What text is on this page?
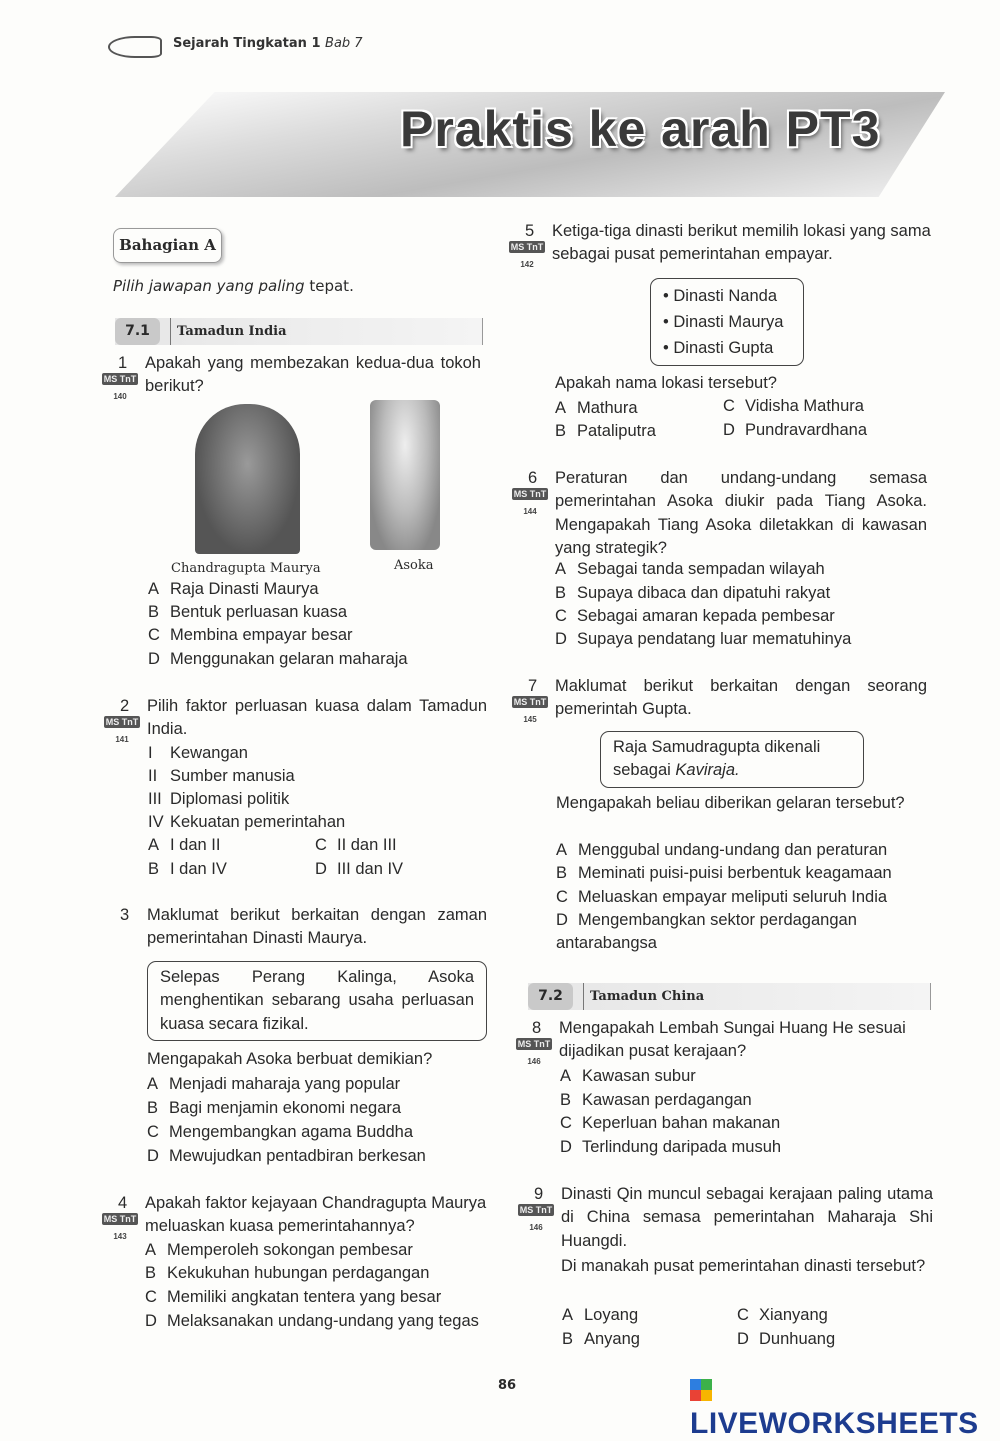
Sejarah Tingkatan 1 Bab 7
Praktis ke arah PT3
Bahagian A
Pilih jawapan yang paling tepat.
7.1	Tamadun India
1 Apakah yang membezakan kedua-dua tokoh berikut?
MS TnT
140
Chandragupta Maurya	Asoka
A Raja Dinasti Maurya
B Bentuk perluasan kuasa
C Membina empayar besar
D Menggunakan gelaran maharaja
2 Pilih faktor perluasan kuasa dalam Tamadun India.
MS TnT
141
I Kewangan
II Sumber manusia
III Diplomasi politik
IV Kekuatan pemerintahan
A I dan II
B I dan IV
C II dan III
D III dan IV
3 Maklumat berikut berkaitan dengan zaman pemerintahan Dinasti Maurya.
Selepas Perang Kalinga, Asoka menghentikan sebarang usaha perluasan kuasa secara fizikal.
Mengapakah Asoka berbuat demikian?
A Menjadi maharaja yang popular
B Bagi menjamin ekonomi negara
C Mengembangkan agama Buddha
D Mewujudkan pentadbiran berkesan
4 Apakah faktor kejayaan Chandragupta Maurya meluaskan kuasa pemerintahannya?
MS TnT
143
A Memperoleh sokongan pembesar
B Kekukuhan hubungan perdagangan
C Memiliki angkatan tentera yang besar
D Melaksanakan undang-undang yang tegas
5 Ketiga-tiga dinasti berikut memilih lokasi yang sama sebagai pusat pemerintahan empayar.
MS TnT
142
• Dinasti Nanda
• Dinasti Maurya
• Dinasti Gupta
Apakah nama lokasi tersebut?
A Mathura
B Pataliputra
C Vidisha Mathura
D Pundravardhana
6 Peraturan dan undang-undang semasa pemerintahan Asoka diukir pada Tiang Asoka. Mengapakah Tiang Asoka diletakkan di kawasan yang strategik?
MS TnT
144
A Sebagai tanda sempadan wilayah
B Supaya dibaca dan dipatuhi rakyat
C Sebagai amaran kepada pembesar
D Supaya pendatang luar mematuhinya
7 Maklumat berikut berkaitan dengan seorang pemerintah Gupta.
MS TnT
145
Raja Samudragupta dikenali sebagai Kaviraja.
Mengapakah beliau diberikan gelaran tersebut?
A Menggubal undang-undang dan peraturan
B Meminati puisi-puisi berbentuk keagamaan
C Meluaskan empayar meliputi seluruh India
D Mengembangkan sektor perdagangan antarabangsa
7.2	Tamadun China
8 Mengapakah Lembah Sungai Huang He sesuai dijadikan pusat kerajaan?
MS TnT
146
A Kawasan subur
B Kawasan perdagangan
C Keperluan bahan makanan
D Terlindung daripada musuh
9 Dinasti Qin muncul sebagai kerajaan paling utama di China semasa pemerintahan Maharaja Shi Huangdi.
MS TnT
146
Di manakah pusat pemerintahan dinasti tersebut?
A Loyang
B Anyang
C Xianyang
D Dunhuang
86
LIVEWORKSHEETS
